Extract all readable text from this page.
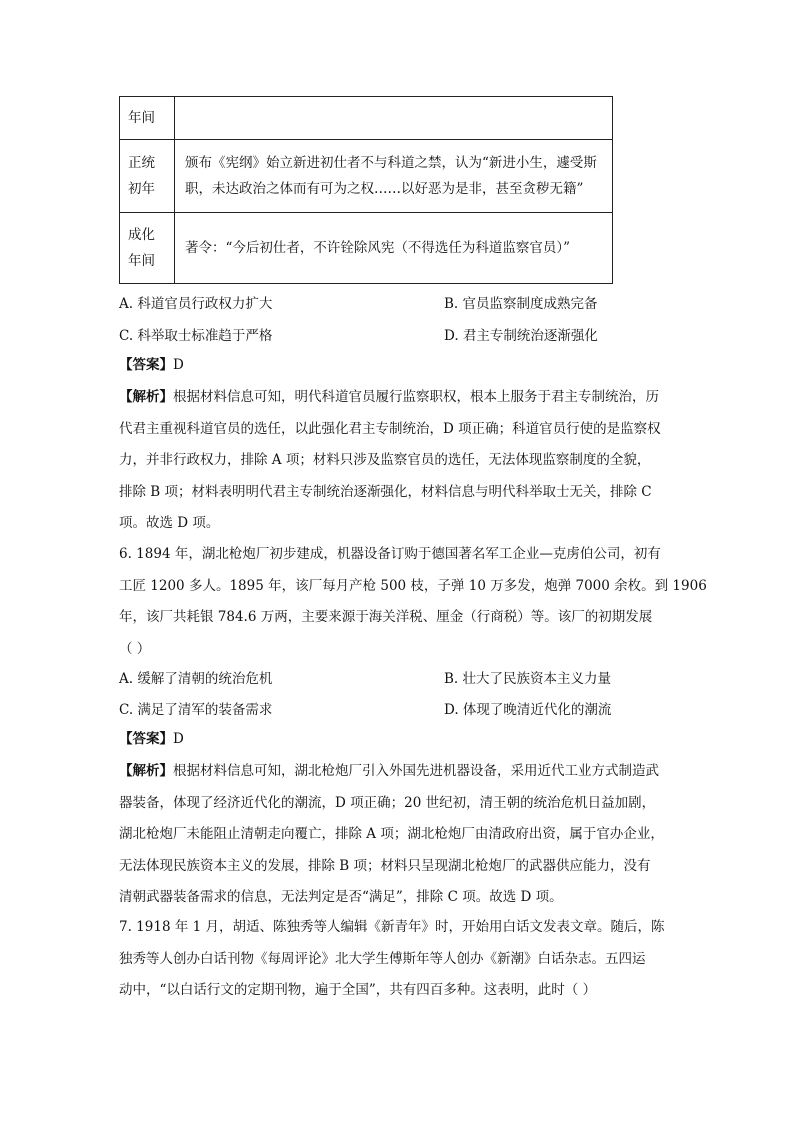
年间	

正统
初年	颁布《宪纲》始立新进初仕者不与科道之禁，认为“新进小生，遽受斯
职，未达政治之体而有可为之权……以好恶为是非，甚至贪秽无籍”

成化
年间	著令：“今后初仕者，不许铨除风宪（不得选任为科道监察官员）”
A. 科道官员行政权力扩大	B. 官员监察制度成熟完备
C. 科举取士标准趋于严格	D. 君主专制统治逐渐强化
【答案】D
【解析】根据材料信息可知，明代科道官员履行监察职权，根本上服务于君主专制统治，历
代君主重视科道官员的选任，以此强化君主专制统治，D 项正确；科道官员行使的是监察权
力，并非行政权力，排除 A 项；材料只涉及监察官员的选任，无法体现监察制度的全貌，
排除 B 项；材料表明明代君主专制统治逐渐强化，材料信息与明代科举取士无关，排除 C
项。故选 D 项。
6. 1894 年，湖北枪炮厂初步建成，机器设备订购于德国著名军工企业—克虏伯公司，初有
工匠 1200 多人。1895 年，该厂每月产枪 500 枝，子弹 10 万多发，炮弹 7000 余枚。到 1906
年，该厂共耗银 784.6 万两，主要来源于海关洋税、厘金（行商税）等。该厂的初期发展
（ ）
A. 缓解了清朝的统治危机	B. 壮大了民族资本主义力量
C. 满足了清军的装备需求	D. 体现了晚清近代化的潮流
【答案】D
【解析】根据材料信息可知，湖北枪炮厂引入外国先进机器设备，采用近代工业方式制造武
器装备，体现了经济近代化的潮流，D 项正确；20 世纪初，清王朝的统治危机日益加剧，
湖北枪炮厂未能阻止清朝走向覆亡，排除 A 项；湖北枪炮厂由清政府出资，属于官办企业，
无法体现民族资本主义的发展，排除 B 项；材料只呈现湖北枪炮厂的武器供应能力，没有
清朝武器装备需求的信息，无法判定是否“满足”，排除 C 项。故选 D 项。
7. 1918 年 1 月，胡适、陈独秀等人编辑《新青年》时，开始用白话文发表文章。随后，陈
独秀等人创办白话刊物《每周评论》北大学生傅斯年等人创办《新潮》白话杂志。五四运
动中，“以白话行文的定期刊物，遍于全国”，共有四百多种。这表明，此时（ ）
